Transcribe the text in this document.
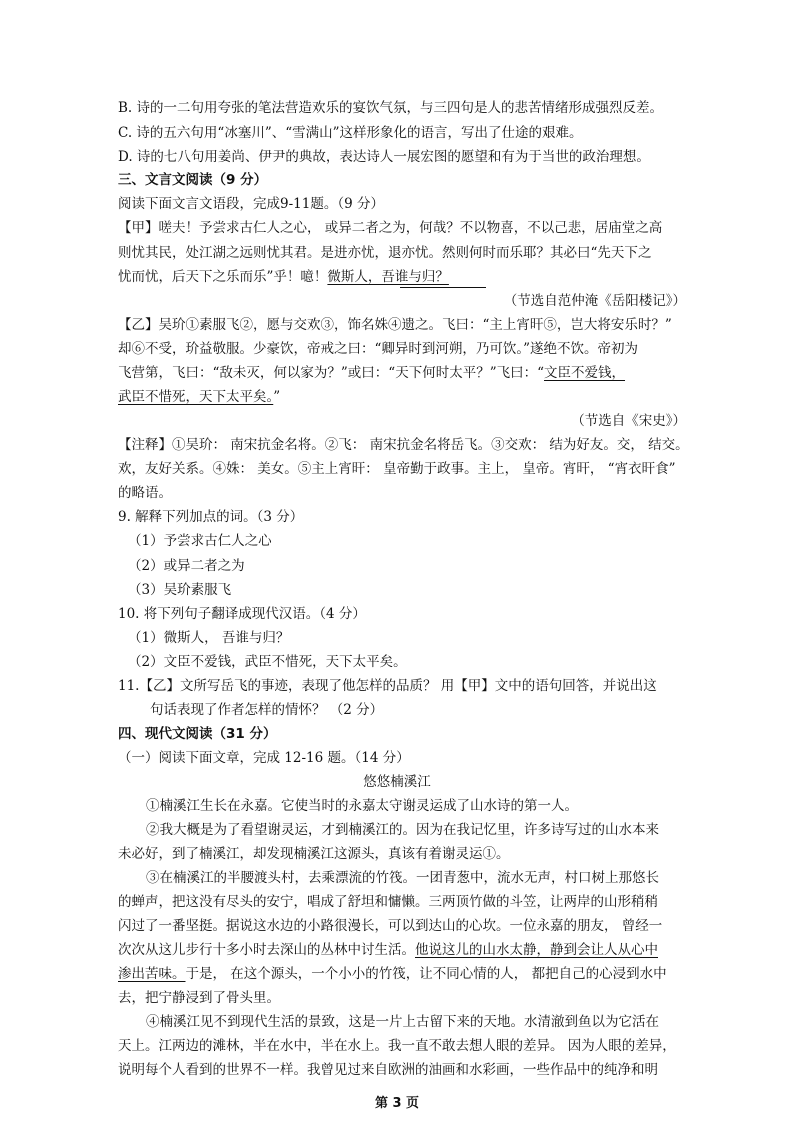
B. 诗的一二句用夸张的笔法营造欢乐的宴饮气氛，与三四句是人的悲苦情绪形成强烈反差。
C. 诗的五六句用“冰塞川”、“雪满山”这样形象化的语言，写出了仕途的艰难。
D. 诗的七八句用姜尚、伊尹的典故，表达诗人一展宏图的愿望和有为于当世的政治理想。
三、文言文阅读（9 分）
阅读下面文言文语段，完成9-11题。（9 分）
【甲】嗟夫！予尝求古仁人之心， 或异二者之为，何哉？不以物喜，不以己悲，居庙堂之高
则忧其民，处江湖之远则忧其君。是进亦忧，退亦忧。然则何时而乐耶？其必曰“先天下之
忧而忧，后天下之乐而乐”乎！噫！微斯人，吾谁与归？
（节选自范仲淹《岳阳楼记》）
【乙】吴玠①素服飞②，愿与交欢③，饰名姝④遗之。飞曰：“主上宵旰⑤，岂大将安乐时？”
却⑥不受，玠益敬服。少豪饮，帝戒之曰：“卿异时到河朔，乃可饮。”遂绝不饮。帝初为
飞营第，飞曰：“敌未灭，何以家为？”或曰：“天下何时太平？”飞曰：“文臣不爱钱，
武臣不惜死，天下太平矣。”
（节选自《宋史》）
【注释】①吴玠： 南宋抗金名将。②飞： 南宋抗金名将岳飞。③交欢： 结为好友。交， 结交。
欢，友好关系。④姝： 美女。⑤主上宵旰： 皇帝勤于政事。主上， 皇帝。宵旰， “宵衣旰食”
的略语。
9. 解释下列加点的词。（3 分）
（1）予尝求古仁人之心
（2）或异二者之为
（3）吴玠素服飞
10. 将下列句子翻译成现代汉语。（4 分）
（1）微斯人， 吾谁与归？
（2）文臣不爱钱，武臣不惜死，天下太平矣。
11.【乙】文所写岳飞的事迹，表现了他怎样的品质？ 用【甲】文中的语句回答，并说出这
句话表现了作者怎样的情怀？ （2 分）
四、现代文阅读（31 分）
（一）阅读下面文章，完成 12-16 题。（14 分）
悠悠楠溪江
①楠溪江生长在永嘉。它使当时的永嘉太守谢灵运成了山水诗的第一人。
②我大概是为了看望谢灵运，才到楠溪江的。因为在我记忆里，许多诗写过的山水本来
未必好，到了楠溪江，却发现楠溪江这源头，真该有着谢灵运①。
③在楠溪江的半腰渡头村，去乘漂流的竹筏。一团青葱中，流水无声，村口树上那悠长
的蝉声，把这没有尽头的安宁，唱成了舒坦和慵懒。三两顶竹做的斗笠，让两岸的山形稍稍
闪过了一番坚挺。据说这水边的小路很漫长，可以到达山的心坎。一位永嘉的朋友， 曾经一
次次从这儿步行十多小时去深山的丛林中讨生活。他说这儿的山水太静，静到会让人从心中
渗出苦味。于是， 在这个源头，一个小小的竹筏，让不同心情的人， 都把自己的心浸到水中
去，把宁静浸到了骨头里。
④楠溪江见不到现代生活的景致，这是一片上古留下来的天地。水清澈到鱼以为它活在
天上。江两边的滩林，半在水中，半在水上。我一直不敢去想人眼的差异。 因为人眼的差异，
说明每个人看到的世界不一样。我曾见过来自欧洲的油画和水彩画，一些作品中的纯净和明
第 3 页
